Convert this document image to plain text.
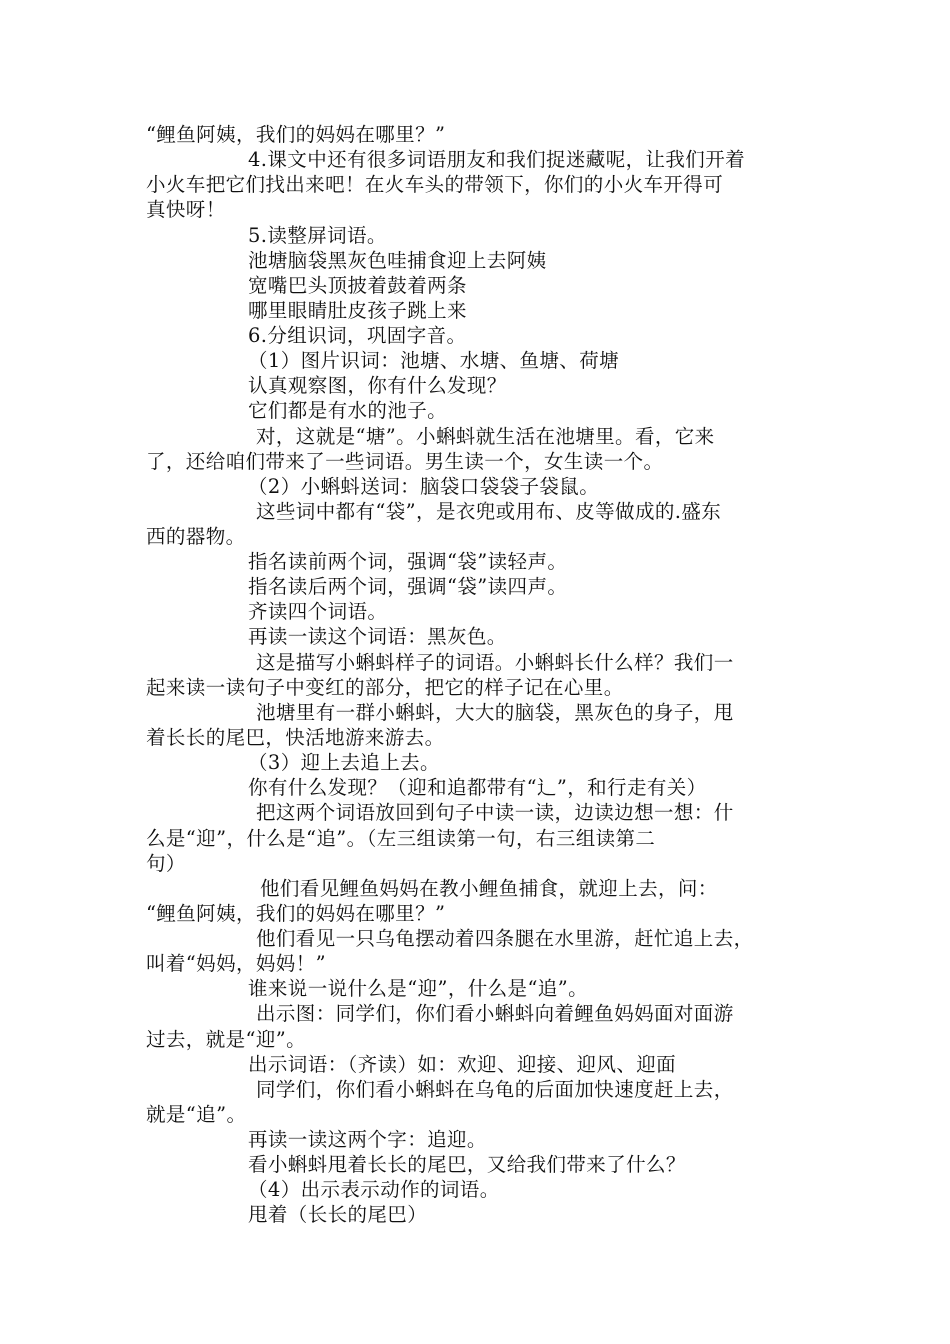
“鲤鱼阿姨，我们的妈妈在哪里？”
4.课文中还有很多词语朋友和我们捉迷藏呢，让我们开着
小火车把它们找出来吧！在火车头的带领下，你们的小火车开得可
真快呀！
5.读整屏词语。
池塘脑袋黑灰色哇捕食迎上去阿姨
宽嘴巴头顶披着鼓着两条
哪里眼睛肚皮孩子跳上来
6.分组识词，巩固字音。
（1）图片识词：池塘、水塘、鱼塘、荷塘
认真观察图，你有什么发现？
它们都是有水的池子。
对，这就是“塘”。小蝌蚪就生活在池塘里。看，它来
了，还给咱们带来了一些词语。男生读一个，女生读一个。
（2）小蝌蚪送词：脑袋口袋袋子袋鼠。
这些词中都有“袋”，是衣兜或用布、皮等做成的.盛东
西的器物。
指名读前两个词，强调“袋”读轻声。
指名读后两个词，强调“袋”读四声。
齐读四个词语。
再读一读这个词语：黑灰色。
这是描写小蝌蚪样子的词语。小蝌蚪长什么样？我们一
起来读一读句子中变红的部分，把它的样子记在心里。
池塘里有一群小蝌蚪，大大的脑袋，黑灰色的身子，甩
着长长的尾巴，快活地游来游去。
（3）迎上去追上去。
你有什么发现？（迎和追都带有“辶”，和行走有关）
把这两个词语放回到句子中读一读，边读边想一想：什
么是“迎”，什么是“追”。（左三组读第一句，右三组读第二
句）
他们看见鲤鱼妈妈在教小鲤鱼捕食，就迎上去，问：
“鲤鱼阿姨，我们的妈妈在哪里？”
他们看见一只乌龟摆动着四条腿在水里游，赶忙追上去，
叫着“妈妈，妈妈！”
谁来说一说什么是“迎”，什么是“追”。
出示图：同学们，你们看小蝌蚪向着鲤鱼妈妈面对面游
过去，就是“迎”。
出示词语：（齐读）如：欢迎、迎接、迎风、迎面
同学们，你们看小蝌蚪在乌龟的后面加快速度赶上去，
就是“追”。
再读一读这两个字：追迎。
看小蝌蚪甩着长长的尾巴，又给我们带来了什么？
（4）出示表示动作的词语。
甩着（长长的尾巴）
